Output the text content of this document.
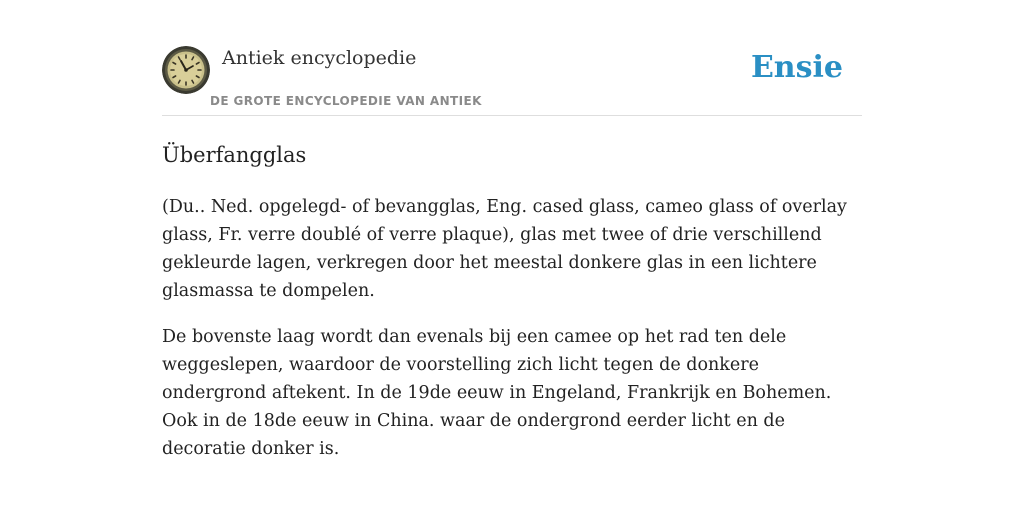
Antiek encyclopedie
DE GROTE ENCYCLOPEDIE VAN ANTIEK
Ensie
Überfangglas

(Du.. Ned. opgelegd- of bevangglas, Eng. cased glass, cameo glass of overlay glass, Fr. verre doublé of verre plaque), glas met twee of drie verschillend gekleurde lagen, verkregen door het meestal donkere glas in een lichtere glasmassa te dompelen.

De bovenste laag wordt dan evenals bij een camee op het rad ten dele weggeslepen, waardoor de voorstelling zich licht tegen de donkere ondergrond aftekent. In de 19de eeuw in Engeland, Frankrijk en Bohemen. Ook in de 18de eeuw in China. waar de ondergrond eerder licht en de decoratie donker is.
